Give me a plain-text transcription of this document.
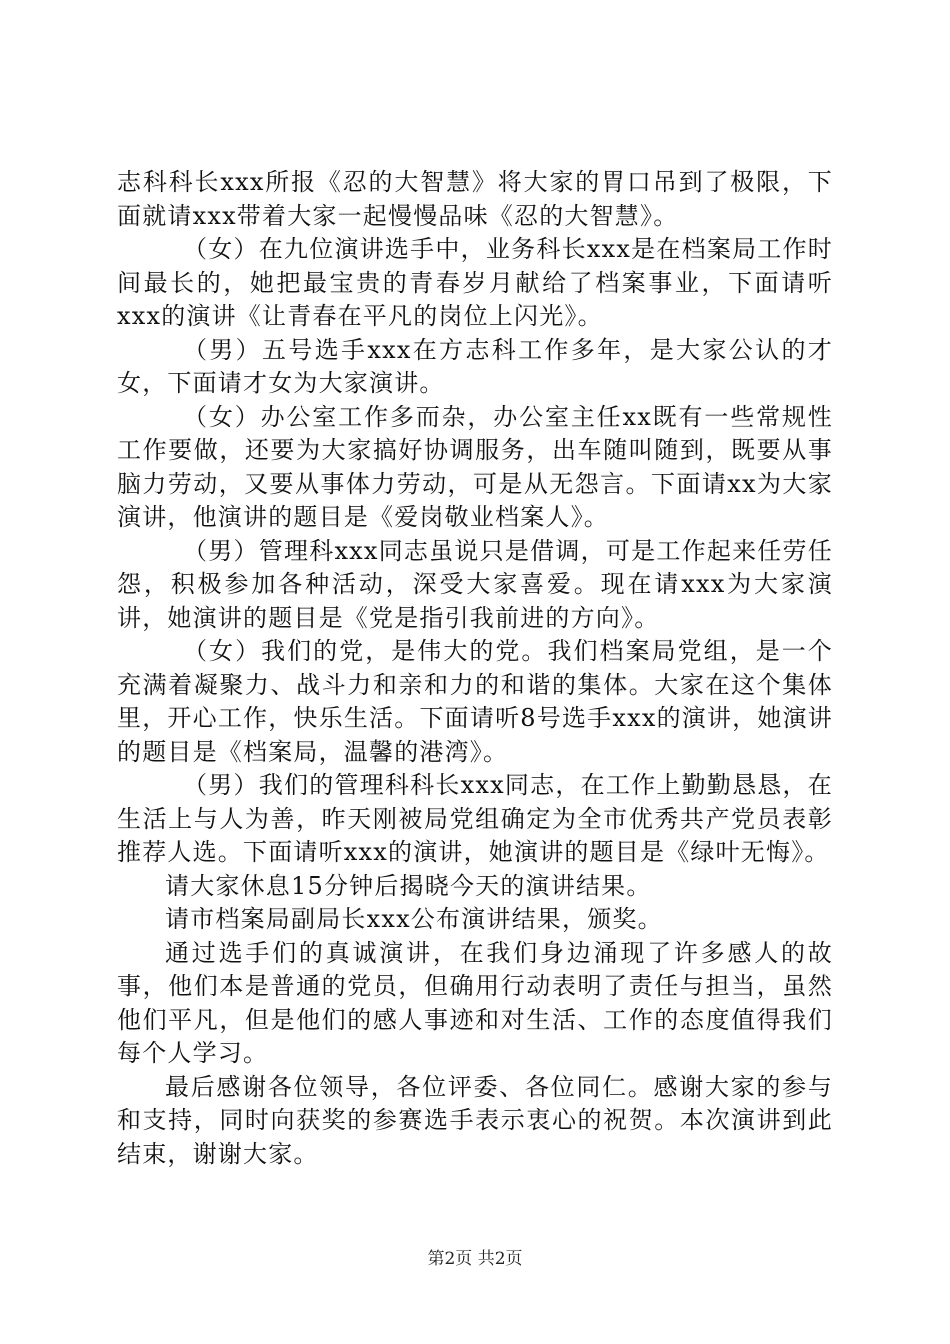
志科科长xxx所报《忍的大智慧》将大家的胃口吊到了极限，下面就请xxx带着大家一起慢慢品味《忍的大智慧》。

（女）在九位演讲选手中，业务科长xxx是在档案局工作时间最长的，她把最宝贵的青春岁月献给了档案事业，下面请听xxx的演讲《让青春在平凡的岗位上闪光》。

（男）五号选手xxx在方志科工作多年，是大家公认的才女，下面请才女为大家演讲。

（女）办公室工作多而杂，办公室主任xx既有一些常规性工作要做，还要为大家搞好协调服务，出车随叫随到，既要从事脑力劳动，又要从事体力劳动，可是从无怨言。下面请xx为大家演讲，他演讲的题目是《爱岗敬业档案人》。

（男）管理科xxx同志虽说只是借调，可是工作起来任劳任怨，积极参加各种活动，深受大家喜爱。现在请xxx为大家演讲，她演讲的题目是《党是指引我前进的方向》。

（女）我们的党，是伟大的党。我们档案局党组，是一个充满着凝聚力、战斗力和亲和力的和谐的集体。大家在这个集体里，开心工作，快乐生活。下面请听8号选手xxx的演讲，她演讲的题目是《档案局，温馨的港湾》。

（男）我们的管理科科长xxx同志，在工作上勤勤恳恳，在生活上与人为善，昨天刚被局党组确定为全市优秀共产党员表彰推荐人选。下面请听xxx的演讲，她演讲的题目是《绿叶无悔》。

请大家休息15分钟后揭晓今天的演讲结果。

请市档案局副局长xxx公布演讲结果，颁奖。

通过选手们的真诚演讲，在我们身边涌现了许多感人的故事，他们本是普通的党员，但确用行动表明了责任与担当，虽然他们平凡，但是他们的感人事迹和对生活、工作的态度值得我们每个人学习。

最后感谢各位领导，各位评委、各位同仁。感谢大家的参与和支持，同时向获奖的参赛选手表示衷心的祝贺。本次演讲到此结束，谢谢大家。

第2页 共2页
